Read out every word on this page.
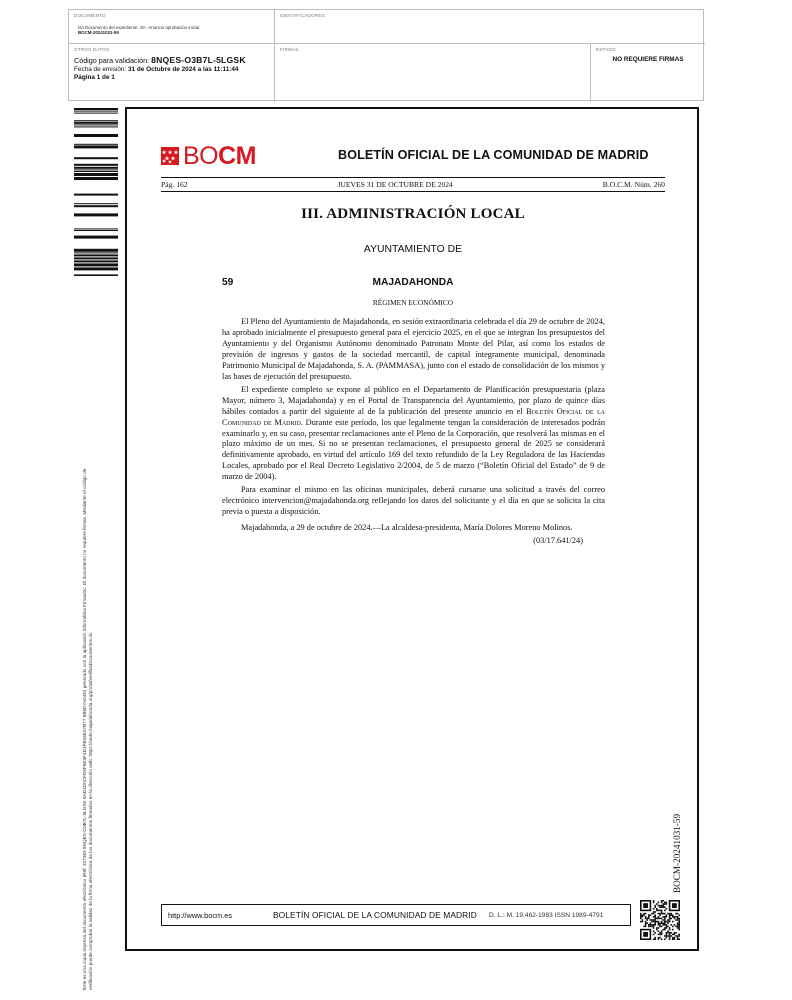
DOCUMENTO
DA Documento del expediente: 28.- Anuncio aprobación inicial
BOCM-20241031-59
IDENTIFICADORES
OTROS DATOS
Código para validación: 8NQES-O3B7L-5LGSK
Fecha de emisión: 31 de Octubre de 2024 a las 11:11:44
Página 1 de 1
FIRMAS	ESTADO
NO REQUIERE FIRMAS
Este es una copia impresa del documento electrónico (Ref: 327363 8NQES-O3B7L-5LGSK 8AD4D0CFD6F6E3F4D1FB16E27B77 6B6D7A04D) generado con la aplicación informática Firmadoc. El documento no requiere firmas. Mediante el código de verificación puede comprobar la validez de la firma electrónica de los documentos firmados en la dirección web: https://sede.majadahonda.org/portal/verificaDocumentos.do
BOCM	BOLETÍN OFICIAL DE LA COMUNIDAD DE MADRID
Pág. 162	JUEVES 31 DE OCTUBRE DE 2024	B.O.C.M. Núm. 260
III. ADMINISTRACIÓN LOCAL
AYUNTAMIENTO DE
MAJADAHONDA
59
RÉGIMEN ECONÓMICO

El Pleno del Ayuntamiento de Majadahonda, en sesión extraordinaria celebrada el día 29 de octubre de 2024, ha aprobado inicialmente el presupuesto general para el ejercicio 2025, en el que se integran los presupuestos del Ayuntamiento y del Organismo Autónomo denominado Patronato Monte del Pilar, así como los estados de previsión de ingresos y gastos de la sociedad mercantil, de capital íntegramente municipal, denominada Patrimonio Municipal de Majadahonda, S. A. (PAMMASA), junto con el estado de consolidación de los mismos y las bases de ejecución del presupuesto.

El expediente completo se expone al público en el Departamento de Planificación presupuestaria (plaza Mayor, número 3, Majadahonda) y en el Portal de Transparencia del Ayuntamiento, por plazo de quince días hábiles contados a partir del siguiente al de la publicación del presente anuncio en el Boletín Oficial de la Comunidad de Madrid. Durante este período, los que legalmente tengan la consideración de interesados podrán examinarlo y, en su caso, presentar reclamaciones ante el Pleno de la Corporación, que resolverá las mismas en el plazo máximo de un mes. Si no se presentan reclamaciones, el presupuesto general de 2025 se considerará definitivamente aprobado, en virtud del artículo 169 del texto refundido de la Ley Reguladora de las Haciendas Locales, aprobado por el Real Decreto Legislativo 2/2004, de 5 de marzo (“Boletín Oficial del Estado” de 9 de marzo de 2004).

Para examinar el mismo en las oficinas municipales, deberá cursarse una solicitud a través del correo electrónico intervencion@majadahonda.org reflejando los datos del solicitante y el día en que se solicita la cita previa o puesta a disposición.

Majadahonda, a 29 de octubre de 2024.—La alcaldesa-presidenta, María Dolores Moreno Molinos.

(03/17.641/24)

BOCM-20241031-59
http://www.bocm.es	BOLETÍN OFICIAL DE LA COMUNIDAD DE MADRID	D. L.: M. 19.462-1983 ISSN 1989-4791
